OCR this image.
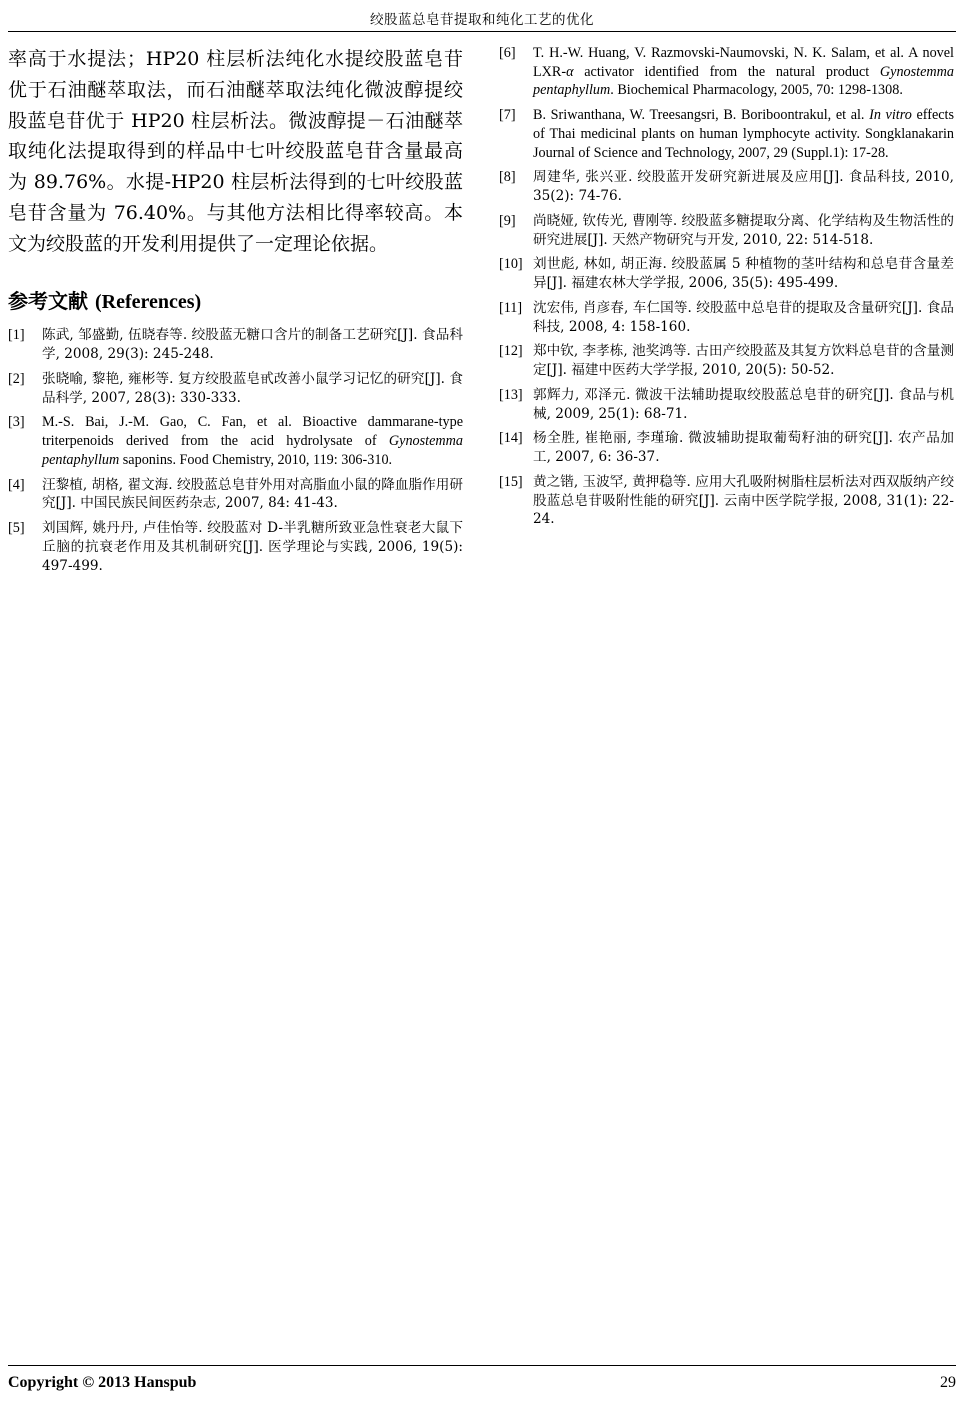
绞股蓝总皂苷提取和纯化工艺的优化

率高于水提法；HP20 柱层析法纯化水提绞股蓝皂苷优于石油醚萃取法，而石油醚萃取法纯化微波醇提绞股蓝皂苷优于 HP20 柱层析法。微波醇提－石油醚萃取纯化法提取得到的样品中七叶绞股蓝皂苷含量最高为 89.76%。水提-HP20 柱层析法得到的七叶绞股蓝皂苷含量为 76.40%。与其他方法相比得率较高。本文为绞股蓝的开发利用提供了一定理论依据。

参考文献 (References)
[1]	陈武, 邹盛勤, 伍晓春等. 绞股蓝无糖口含片的制备工艺研究[J]. 食品科学, 2008, 29(3): 245-248.
[2]	张晓喻, 黎艳, 雍彬等. 复方绞股蓝皂甙改善小鼠学习记忆的研究[J]. 食品科学, 2007, 28(3): 330-333.
[3]	M.-S. Bai, J.-M. Gao, C. Fan, et al. Bioactive dammarane-type triterpenoids derived from the acid hydrolysate of Gynostemma pentaphyllum saponins. Food Chemistry, 2010, 119: 306-310.
[4]	汪黎植, 胡格, 翟文海. 绞股蓝总皂苷外用对高脂血小鼠的降血脂作用研究[J]. 中国民族民间医药杂志, 2007, 84: 41-43.
[5]	刘国辉, 姚丹丹, 卢佳怡等. 绞股蓝对 D-半乳糖所致亚急性衰老大鼠下丘脑的抗衰老作用及其机制研究[J]. 医学理论与实践, 2006, 19(5): 497-499.
[6]	T. H.-W. Huang, V. Razmovski-Naumovski, N. K. Salam, et al. A novel LXR-α activator identified from the natural product Gynostemma pentaphyllum. Biochemical Pharmacology, 2005, 70: 1298-1308.
[7]	B. Sriwanthana, W. Treesangsri, B. Boriboontrakul, et al. In vitro effects of Thai medicinal plants on human lymphocyte activity. Songklanakarin Journal of Science and Technology, 2007, 29 (Suppl.1): 17-28.
[8]	周建华, 张兴亚. 绞股蓝开发研究新进展及应用[J]. 食品科技, 2010, 35(2): 74-76.
[9]	尚晓娅, 钦传光, 曹刚等. 绞股蓝多糖提取分离、化学结构及生物活性的研究进展[J]. 天然产物研究与开发, 2010, 22: 514-518.
[10] 刘世彪, 林如, 胡正海. 绞股蓝属 5 种植物的茎叶结构和总皂苷含量差异[J]. 福建农林大学学报, 2006, 35(5): 495-499.
[11] 沈宏伟, 肖彦春, 车仁国等. 绞股蓝中总皂苷的提取及含量研究[J]. 食品科技, 2008, 4: 158-160.
[12] 郑中钦, 李孝栋, 池奖鸿等. 古田产绞股蓝及其复方饮料总皂苷的含量测定[J]. 福建中医药大学学报, 2010, 20(5): 50-52.
[13] 郭辉力, 邓泽元. 微波干法辅助提取绞股蓝总皂苷的研究[J]. 食品与机械, 2009, 25(1): 68-71.
[14] 杨全胜, 崔艳丽, 李瑾瑜. 微波辅助提取葡萄籽油的研究[J]. 农产品加工, 2007, 6: 36-37.
[15] 黄之锴, 玉波罕, 黄押稳等. 应用大孔吸附树脂柱层析法对西双版纳产绞股蓝总皂苷吸附性能的研究[J]. 云南中医学院学报, 2008, 31(1): 22-24.
Copyright © 2013 Hanspub	29
